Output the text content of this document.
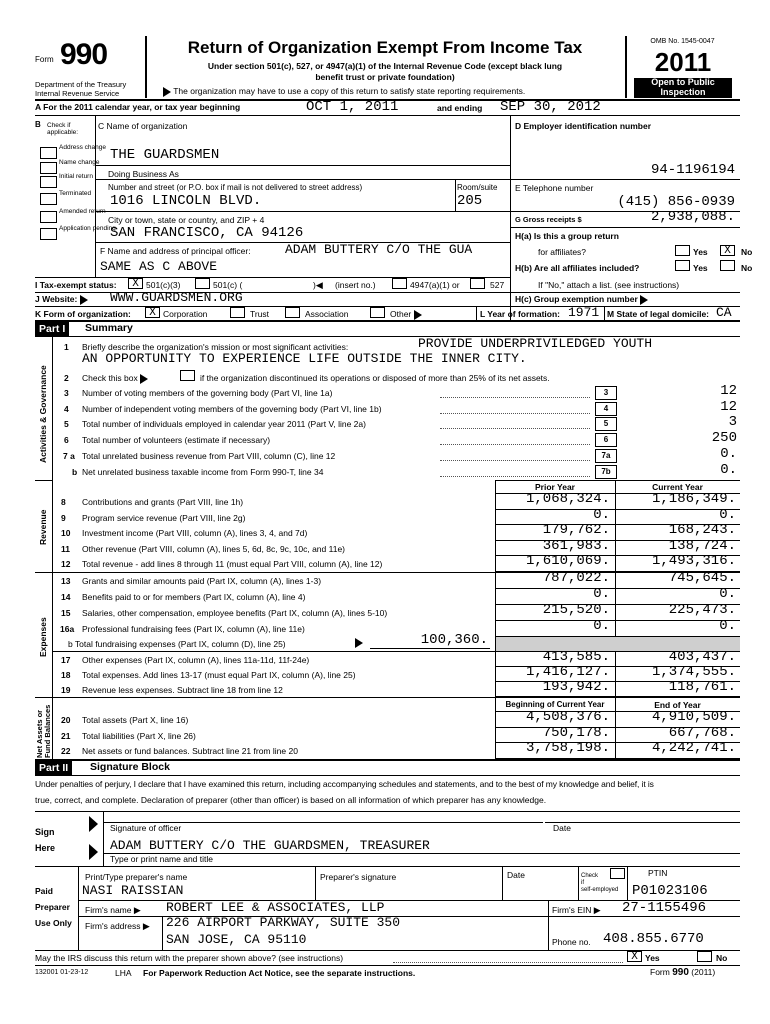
Form 990
Department of the Treasury
Internal Revenue Service
Return of Organization Exempt From Income Tax
Under section 501(c), 527, or 4947(a)(1) of the Internal Revenue Code (except black lung
benefit trust or private foundation)
The organization may have to use a copy of this return to satisfy state reporting requirements.
OMB No. 1545-0047
2011
Open to Public
Inspection
A For the 2011 calendar year, or tax year beginning	OCT 1, 2011	and ending SEP 30, 2012
B Check if
applicable:
Address change
Name change
Initial return
Terminated
Amended return
Application pending
C Name of organization
THE GUARDSMEN
Doing Business As
Number and street (or P.O. box if mail is not delivered to street address)	Room/suite
1016 LINCOLN BLVD.	205
City or town, state or country, and ZIP + 4
SAN FRANCISCO, CA 94126
F Name and address of principal officer:	ADAM BUTTERY C/O THE GUA
SAME AS C ABOVE
D Employer identification number
94-1196194
E Telephone number
(415) 856-0939
G Gross receipts $	2,938,088.
H(a) Is this a group return
for affiliates?	Yes	X	No
H(b) Are all affiliates included?	Yes	No
I Tax-exempt status:	X 501(c)(3)	501(c) (	)◀ (insert no.)	4947(a)(1) or	527	If "No," attach a list. (see instructions)
J Website:	WWW.GUARDSMEN.ORG	H(c) Group exemption number
K Form of organization:	X Corporation	Trust	Association	Other	L Year of formation: 1971 M State of legal domicile: CA
Part I	Summary
Activities & Governance
Revenue
Expenses
Net Assets or Fund Balances
1 Briefly describe the organization's mission or most significant activities:	PROVIDE UNDERPRIVILEDGED YOUTH
AN OPPORTUNITY TO EXPERIENCE LIFE OUTSIDE THE INNER CITY.
2 Check this box	if the organization discontinued its operations or disposed of more than 25% of its net assets.
3 Number of voting members of the governing body (Part VI, line 1a)	3	12
4 Number of independent voting members of the governing body (Part VI, line 1b)	4	12
5 Total number of individuals employed in calendar year 2011 (Part V, line 2a)	5	3
6 Total number of volunteers (estimate if necessary)	6	250
7 a Total unrelated business revenue from Part VIII, column (C), line 12	7a	0.
b Net unrelated business taxable income from Form 990-T, line 34	7b	0.
Prior Year	Current Year
8 Contributions and grants (Part VIII, line 1h)	1,068,324.	1,186,349.
9 Program service revenue (Part VIII, line 2g)	0.	0.
10 Investment income (Part VIII, column (A), lines 3, 4, and 7d)	179,762.	168,243.
11 Other revenue (Part VIII, column (A), lines 5, 6d, 8c, 9c, 10c, and 11e)	361,983.	138,724.
12 Total revenue - add lines 8 through 11 (must equal Part VIII, column (A), line 12)	1,610,069.	1,493,316.
13 Grants and similar amounts paid (Part IX, column (A), lines 1-3)	787,022.	745,645.
14 Benefits paid to or for members (Part IX, column (A), line 4)	0.	0.
15 Salaries, other compensation, employee benefits (Part IX, column (A), lines 5-10)	215,520.	225,473.
16a Professional fundraising fees (Part IX, column (A), line 11e)	0.	0.
b Total fundraising expenses (Part IX, column (D), line 25)	100,360.
17 Other expenses (Part IX, column (A), lines 11a-11d, 11f-24e)	413,585.	403,437.
18 Total expenses. Add lines 13-17 (must equal Part IX, column (A), line 25)	1,416,127.	1,374,555.
19 Revenue less expenses. Subtract line 18 from line 12	193,942.	118,761.
Beginning of Current Year	End of Year
20 Total assets (Part X, line 16)	4,508,376.	4,910,509.
21 Total liabilities (Part X, line 26)	750,178.	667,768.
22 Net assets or fund balances. Subtract line 21 from line 20	3,758,198.	4,242,741.
Part II	Signature Block
Under penalties of perjury, I declare that I have examined this return, including accompanying schedules and statements, and to the best of my knowledge and belief, it is
true, correct, and complete. Declaration of preparer (other than officer) is based on all information of which preparer has any knowledge.
Sign
Here
Signature of officer	Date
ADAM BUTTERY C/O THE GUARDSMEN, TREASURER
Type or print name and title
Paid
Preparer
Use Only
Print/Type preparer's name	Preparer's signature	Date	Check
if
self-employed
PTIN
NASI RAISSIAN	P01023106
Firm's name ▶ ROBERT LEE & ASSOCIATES, LLP	Firm's EIN ▶ 27-1155496
Firm's address ▶ 226 AIRPORT PARKWAY, SUITE 350
SAN JOSE, CA 95110	Phone no. 408.855.6770
May the IRS discuss this return with the preparer shown above? (see instructions)	X Yes	No
132001 01-23-12	LHA For Paperwork Reduction Act Notice, see the separate instructions.	Form 990 (2011)
